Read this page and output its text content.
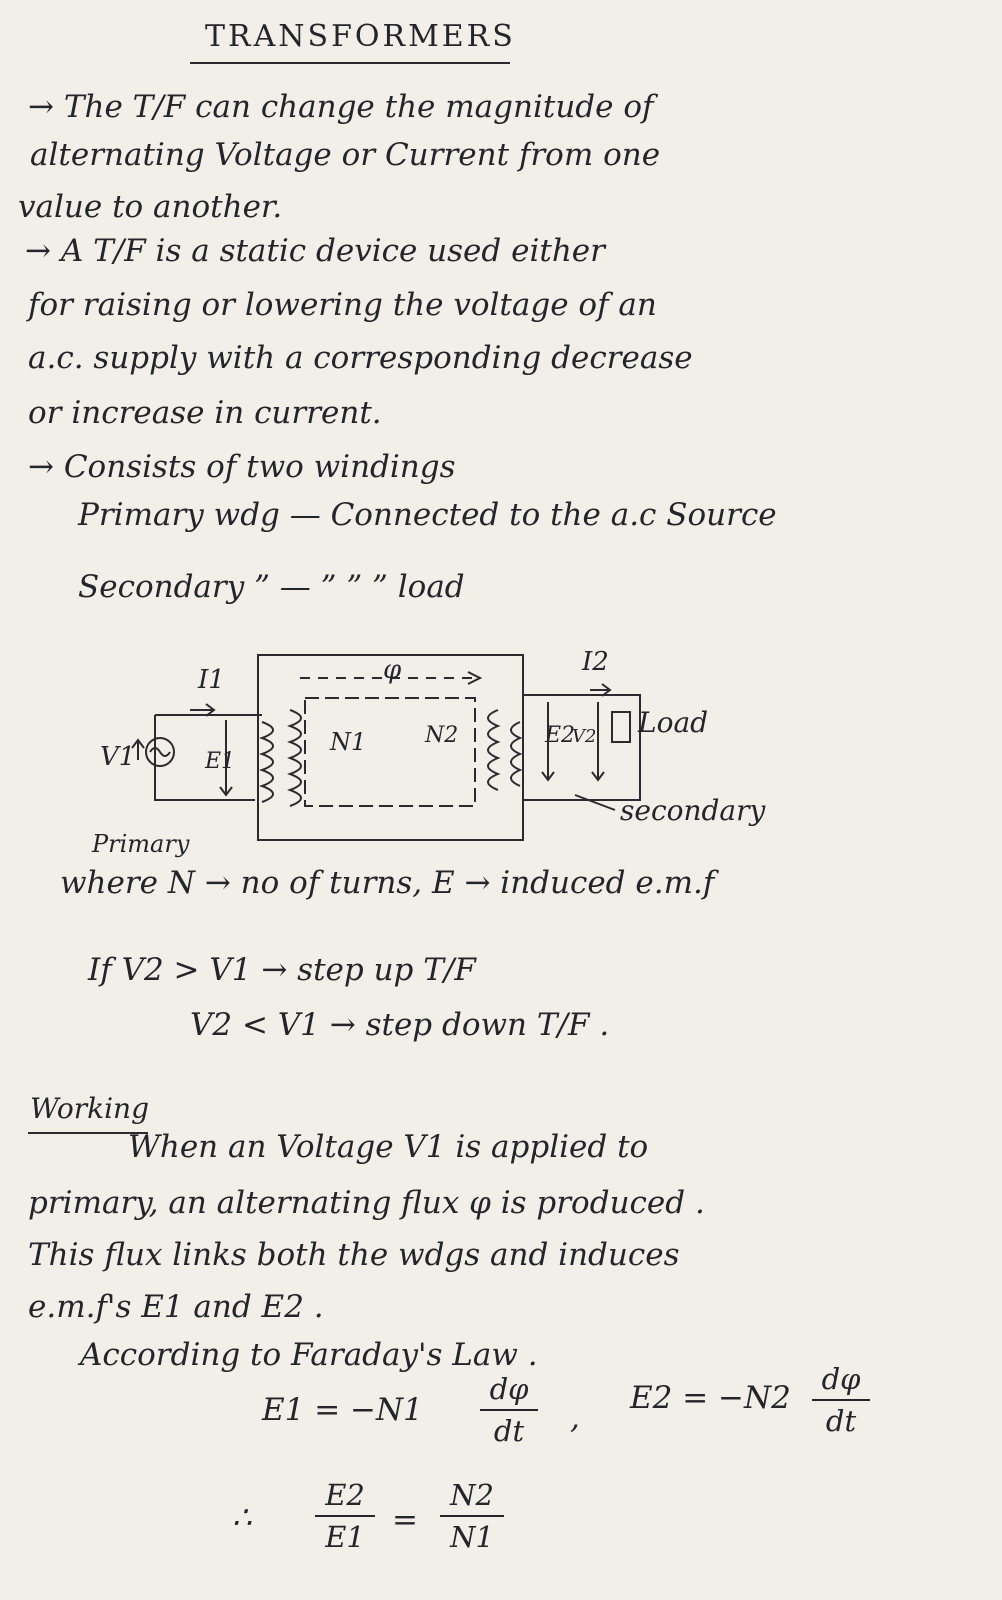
TRANSFORMERS
→ The T/F can change the magnitude of
alternating Voltage or Current from one
value to another.
→ A T/F is a static device used either
for raising or lowering the voltage of an
a.c. supply with a corresponding decrease
or increase in current.
→ Consists of two windings
Primary wdg — Connected to the a.c Source
Secondary ” — ” ” ” load
φ
I1
I2
V1	E1
N1	N2	E2
V2 Load
Primary
secondary
where N → no of turns, E → induced e.m.f
If V2 > V1 → step up T/F
V2 < V1 → step down T/F .
Working
When an Voltage V1 is applied to
primary, an alternating flux φ is produced .
This flux links both the wdgs and induces
e.m.f's E1 and E2 .
According to Faraday's Law .
E1 = −N1
dφ
dt	,
E2 = −N2
dφ
dt
∴
E2
E1 =
N2
N1
